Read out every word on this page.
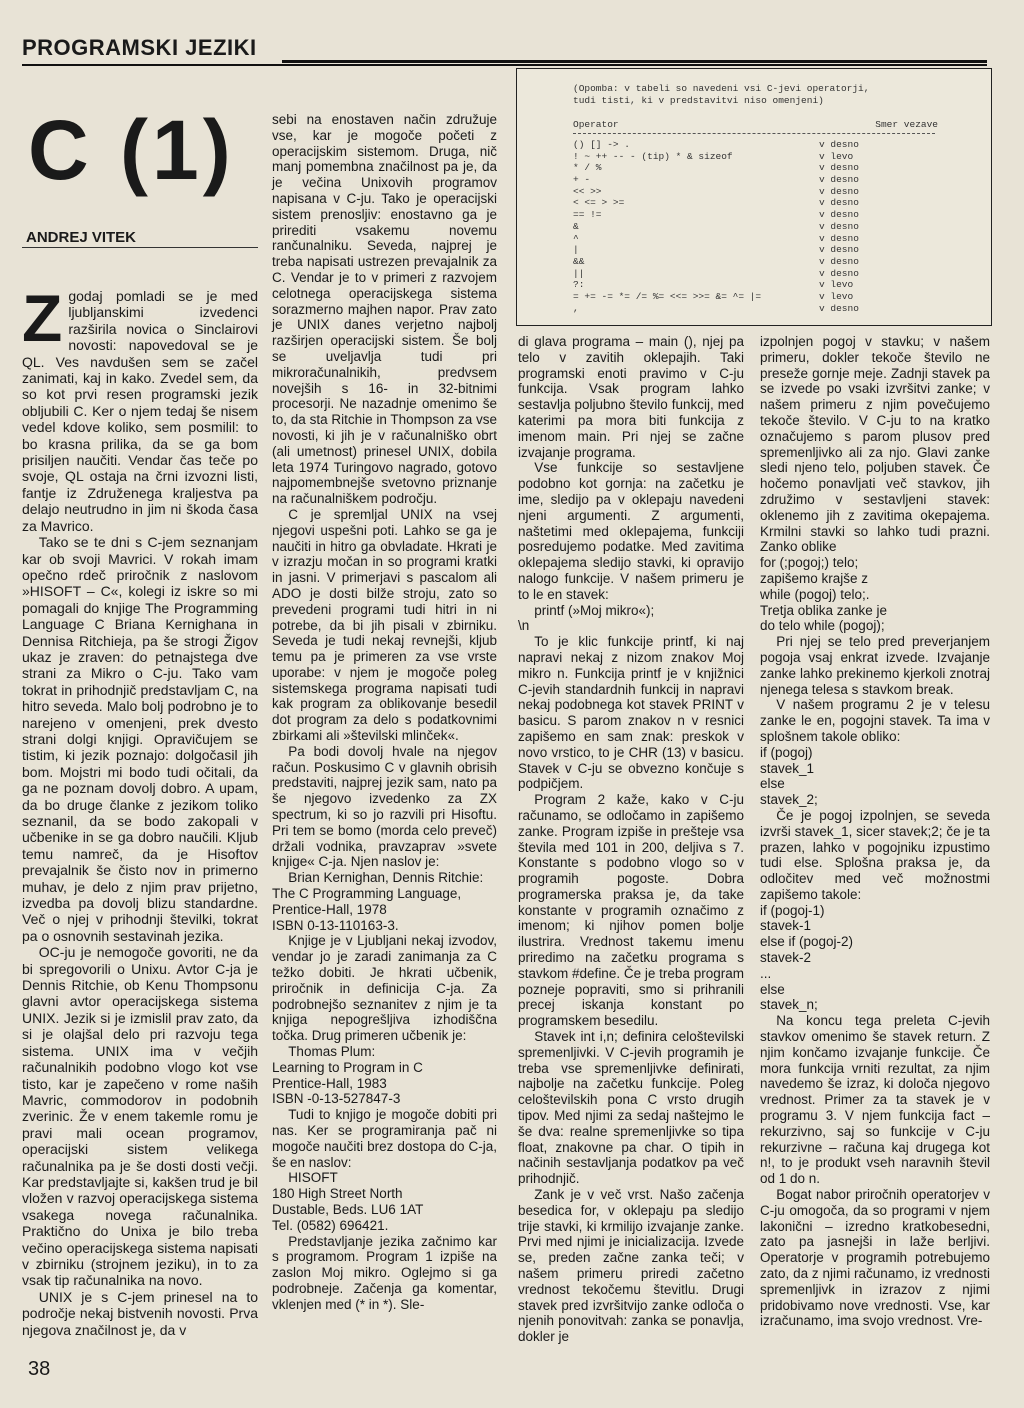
PROGRAMSKI JEZIKI
C (1)
ANDREJ VITEK
(Opomba: v tabeli so navedeni vsi C-jevi operatorji,
tudi tisti, ki v predstavitvi niso omenjeni)
Operator	Smer vezave
() [] -> .	v desno
! ~ ++ -- - (tip) * & sizeof	v levo
* / %	v desno
+ -	v desno
<< >>	v desno
< <= > >=	v desno
== !=	v desno
&	v desno
^	v desno
|	v desno
&&	v desno
||	v desno
?:	v levo
= += -= *= /= %= <<= >>= &= ^= |=	v levo
,	v desno

Zgodaj pomladi se je med ljubljanskimi izvedenci razširila novica o Sinclairovi novosti: napovedoval se je QL. Ves navdušen sem se začel zanimati, kaj in kako. Zvedel sem, da so kot prvi resen programski jezik obljubili C. Ker o njem tedaj še nisem vedel kdove koliko, sem posmilil: to bo krasna prilika, da se ga bom prisiljen naučiti. Vendar čas teče po svoje, QL ostaja na črni izvozni listi, fantje iz Združenega kraljestva pa delajo neutrudno in jim ni škoda časa za Mavrico.

Tako se te dni s C-jem seznanjam kar ob svoji Mavrici. V rokah imam opečno rdeč priročnik z naslovom »HISOFT – C«, kolegi iz iskre so mi pomagali do knjige The Programming Language C Briana Kernighana in Dennisa Ritchieja, pa še strogi Žigov ukaz je zraven: do petnajstega dve strani za Mikro o C-ju. Tako vam tokrat in prihodnjič predstavljam C, na hitro seveda. Malo bolj podrobno je to narejeno v omenjeni, prek dvesto strani dolgi knjigi. Opravičujem se tistim, ki jezik poznajo: dolgočasil jih bom. Mojstri mi bodo tudi očitali, da ga ne poznam dovolj dobro. A upam, da bo druge članke z jezikom toliko seznanil, da se bodo zakopali v učbenike in se ga dobro naučili. Kljub temu namreč, da je Hisoftov prevajalnik še čisto nov in primerno muhav, je delo z njim prav prijetno, izvedba pa dovolj blizu standardne. Več o njej v prihodnji številki, tokrat pa o osnovnih sestavinah jezika.

OC-ju je nemogoče govoriti, ne da bi spregovorili o Unixu. Avtor C-ja je Dennis Ritchie, ob Kenu Thompsonu glavni avtor operacijskega sistema UNIX. Jezik si je izmislil prav zato, da si je olajšal delo pri razvoju tega sistema. UNIX ima v večjih računalnikih podobno vlogo kot vse tisto, kar je zapečeno v rome naših Mavric, commodorov in podobnih zverinic. Že v enem takemle romu je pravi mali ocean programov, operacijski sistem velikega računalnika pa je še dosti dosti večji. Kar predstavljajte si, kakšen trud je bil vložen v razvoj operacijskega sistema vsakega novega računalnika. Praktično do Unixa je bilo treba večino operacijskega sistema napisati v zbirniku (strojnem jeziku), in to za vsak tip računalnika na novo.

UNIX je s C-jem prinesel na to področje nekaj bistvenih novosti. Prva njegova značilnost je, da v

sebi na enostaven način združuje vse, kar je mogoče početi z operacijskim sistemom. Druga, nič manj pomembna značilnost pa je, da je večina Unixovih programov napisana v C-ju. Tako je operacijski sistem prenosljiv: enostavno ga je prirediti vsakemu novemu rančunalniku. Seveda, najprej je treba napisati ustrezen prevajalnik za C. Vendar je to v primeri z razvojem celotnega operacijskega sistema sorazmerno majhen napor. Prav zato je UNIX danes verjetno najbolj razširjen operacijski sistem. Še bolj se uveljavlja tudi pri mikroračunalnikih, predvsem novejših s 16- in 32-bitnimi procesorji. Ne nazadnje omenimo še to, da sta Ritchie in Thompson za vse novosti, ki jih je v računalniško obrt (ali umetnost) prinesel UNIX, dobila leta 1974 Turingovo nagrado, gotovo najpomembnejše svetovno priznanje na računalniškem področju.

C je spremljal UNIX na vsej njegovi uspešni poti. Lahko se ga je naučiti in hitro ga obvladate. Hkrati je v izrazju močan in so programi kratki in jasni. V primerjavi s pascalom ali ADO je dosti bilže stroju, zato so prevedeni programi tudi hitri in ni potrebe, da bi jih pisali v zbirniku. Seveda je tudi nekaj revnejši, kljub temu pa je primeren za vse vrste uporabe: v njem je mogoče poleg sistemskega programa napisati tudi kak program za oblikovanje besedil dot program za delo s podatkovnimi zbirkami ali »številski mlinček«.

Pa bodi dovolj hvale na njegov račun. Poskusimo C v glavnih obrisih predstaviti, najprej jezik sam, nato pa še njegovo izvedenko za ZX spectrum, ki so jo razvili pri Hisoftu. Pri tem se bomo (mordа celo preveč) držali vodnika, pravzaprav »svete knjige« C-ja. Njen naslov je:

Brian Kernighan, Dennis Ritchie:
The C Programming Language,
Prentice-Hall, 1978
ISBN 0-13-110163-3.

Knjige je v Ljubljani nekaj izvodov, vendar jo je zaradi zanimanja za C težko dobiti. Je hkrati učbenik, priročnik in definicija C-ja. Za podrobnejšo seznanitev z njim je ta knjiga nepogrešljiva izhodiščna točka. Drug primeren učbenik je:

Thomas Plum:
Learning to Program in C
Prentice-Hall, 1983
ISBN -0-13-527847-3

Tudi to knjigo je mogoče dobiti pri nas. Ker se programiranja pač ni mogoče naučiti brez dostopa do C-ja, še en naslov:

HISOFT
180 High Street North
Dustable, Beds. LU6 1AT
Tel. (0582) 696421.

Predstavljanje jezika začnimo kar s programom. Program 1 izpiše na zaslon Moj mikro. Oglejmo si ga podrobneje. Začenja ga komentar, vklenjen med (* in *). Sle-

di glava programa – main (), njej pa telo v zavitih oklepajih. Taki programski enoti pravimo v C-ju funkcija. Vsak program lahko sestavlja poljubno število funkcij, med katerimi pa mora biti funkcija z imenom main. Pri njej se začne izvajanje programa.

Vse funkcije so sestavljene podobno kot gornja: na začetku je ime, sledijo pa v oklepaju navedeni njeni argumenti. Z argumenti, naštetimi med oklepajema, funkciji posredujemo podatke. Med zavitima oklepajema sledijo stavki, ki opravijo nalogo funkcije. V našem primeru je to le en stavek:

printf (»Moj mikro«);
\n

To je klic funkcije printf, ki naj napravi nekaj z nizom znakov Moj mikro n. Funkcija printf je v knjižnici C-jevih standardnih funkcij in napravi nekaj podobnega kot stavek PRINT v basicu. S parom znakov n v resnici zapišemo en sam znak: preskok v novo vrstico, to je CHR (13) v basicu. Stavek v C-ju se obvezno končuje s podpičjem.

Program 2 kaže, kako v C-ju računamo, se odločamo in zapišemo zanke. Program izpiše in prešteje vsa števila med 101 in 200, deljiva s 7. Konstante s podobno vlogo so v programih pogoste. Dobra programerska praksa je, da take konstante v programih označimo z imenom; ki njihov pomen bolje ilustrira. Vrednost takemu imenu priredimo na začetku programa s stavkom #define. Če je treba program pozneje popraviti, smo si prihranili precej iskanja konstant po programskem besedilu.

Stavek int i,n; definira celoštevilski spremenljivki. V C-jevih programih je treba vse spremenljivke definirati, najbolje na začetku funkcije. Poleg celoštevilskih pona C vrsto drugih tipov. Med njimi za sedaj naštejmo le še dva: realne spremenljivke so tipa float, znakovne pa char. O tipih in načinih sestavljanja podatkov pa več prihodnjič.

Zank je v več vrst. Našo začenja besedica for, v oklepaju pa sledijo trije stavki, ki krmilijo izvajanje zanke. Prvi med njimi je inicializacija. Izvede se, preden začne zanka teči; v našem primeru priredi začetno vrednost tekočemu števitlu. Drugi stavek pred izvršitvijo zanke odloča o njenih ponovitvah: zanka se ponavlja, dokler je

izpolnjen pogoj v stavku; v našem primeru, dokler tekoče število ne preseže gornje meje. Zadnji stavek pa se izvede po vsaki izvršitvi zanke; v našem primeru z njim povečujemo tekoče število. V C-ju to na kratko označujemo s parom plusov pred spremenljivko ali za njo. Glavi zanke sledi njeno telo, poljuben stavek. Če hočemo ponavljati več stavkov, jih združimo v sestavljeni stavek: oklenemo jih z zavitima okepajema. Krmilni stavki so lahko tudi prazni. Zanko oblike

for (;pogoj;) telo;
zapišemo krajše z
while (pogoj) telo;.
Tretja oblika zanke je
do telo while (pogoj);

Pri njej se telo pred preverjanjem pogoja vsaj enkrat izvede. Izvajanje zanke lahko prekinemo kjerkoli znotraj njenega telesa s stavkom break.

V našem programu 2 je v telesu zanke le en, pogojni stavek. Ta ima v splošnem takole obliko:

if (pogoj)
stavek_1
else
stavek_2;

Če je pogoj izpolnjen, se seveda izvrši stavek_1, sicer stavek;2; če je ta prazen, lahko v pogojniku izpustimo tudi else. Splošna praksa je, da odločitev med več možnostmi zapišemo takole:

if (pogoj-1)
stavek-1
else if (pogoj-2)
stavek-2
...
else
stavek_n;

Na koncu tega preleta C-jevih stavkov omenimo še stavek return. Z njim končamo izvajanje funkcije. Če mora funkcija vrniti rezultat, za njim navedemo še izraz, ki določa njegovo vrednost. Primer za ta stavek je v programu 3. V njem funkcija fact – rekurzivno, saj so funkcije v C-ju rekurzivne – računa kaj drugega kot n!, to je produkt vseh naravnih števil od 1 do n.

Bogat nabor priročnih operatorjev v C-ju omogoča, da so programi v njem lakonični – izredno kratkobesedni, zato pa jasnejši in laže berljivi. Operatorje v programih potrebujemo zato, da z njimi računamo, iz vrednosti spremenljivk in izrazov z njimi pridobivamo nove vrednosti. Vse, kar izračunamo, ima svojo vrednost. Vre-

38
